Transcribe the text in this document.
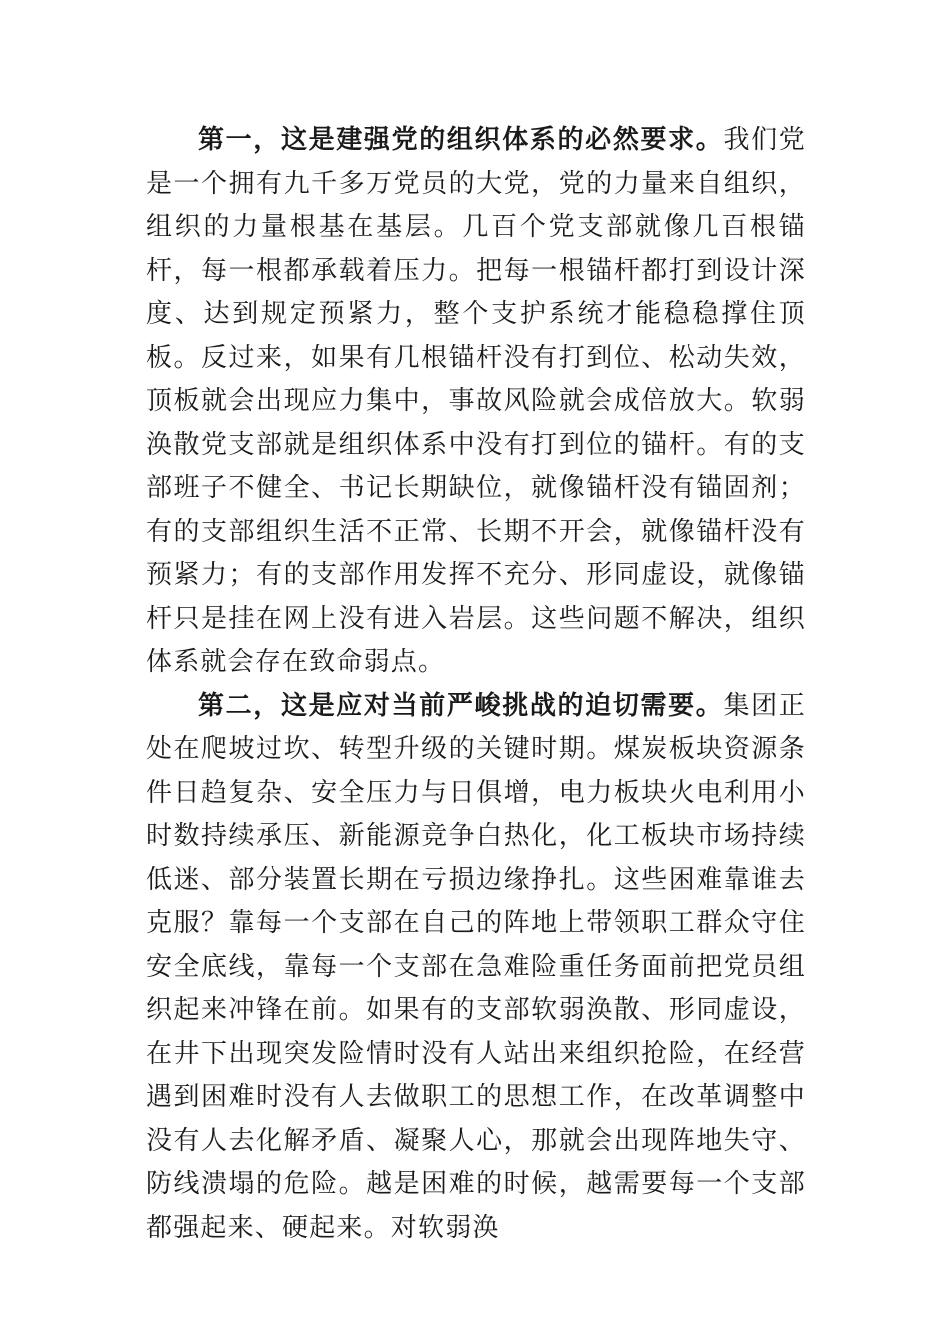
第一，这是建强党的组织体系的必然要求。我们党是一个拥有九千多万党员的大党，党的力量来自组织，组织的力量根基在基层。几百个党支部就像几百根锚杆，每一根都承载着压力。把每一根锚杆都打到设计深度、达到规定预紧力，整个支护系统才能稳稳撑住顶板。反过来，如果有几根锚杆没有打到位、松动失效，顶板就会出现应力集中，事故风险就会成倍放大。软弱涣散党支部就是组织体系中没有打到位的锚杆。有的支部班子不健全、书记长期缺位，就像锚杆没有锚固剂；有的支部组织生活不正常、长期不开会，就像锚杆没有预紧力；有的支部作用发挥不充分、形同虚设，就像锚杆只是挂在网上没有进入岩层。这些问题不解决，组织体系就会存在致命弱点。

第二，这是应对当前严峻挑战的迫切需要。集团正处在爬坡过坎、转型升级的关键时期。煤炭板块资源条件日趋复杂、安全压力与日俱增，电力板块火电利用小时数持续承压、新能源竞争白热化，化工板块市场持续低迷、部分装置长期在亏损边缘挣扎。这些困难靠谁去克服？靠每一个支部在自己的阵地上带领职工群众守住安全底线，靠每一个支部在急难险重任务面前把党员组织起来冲锋在前。如果有的支部软弱涣散、形同虚设，在井下出现突发险情时没有人站出来组织抢险，在经营遇到困难时没有人去做职工的思想工作，在改革调整中没有人去化解矛盾、凝聚人心，那就会出现阵地失守、防线溃塌的危险。越是困难的时候，越需要每一个支部都强起来、硬起来。对软弱涣
